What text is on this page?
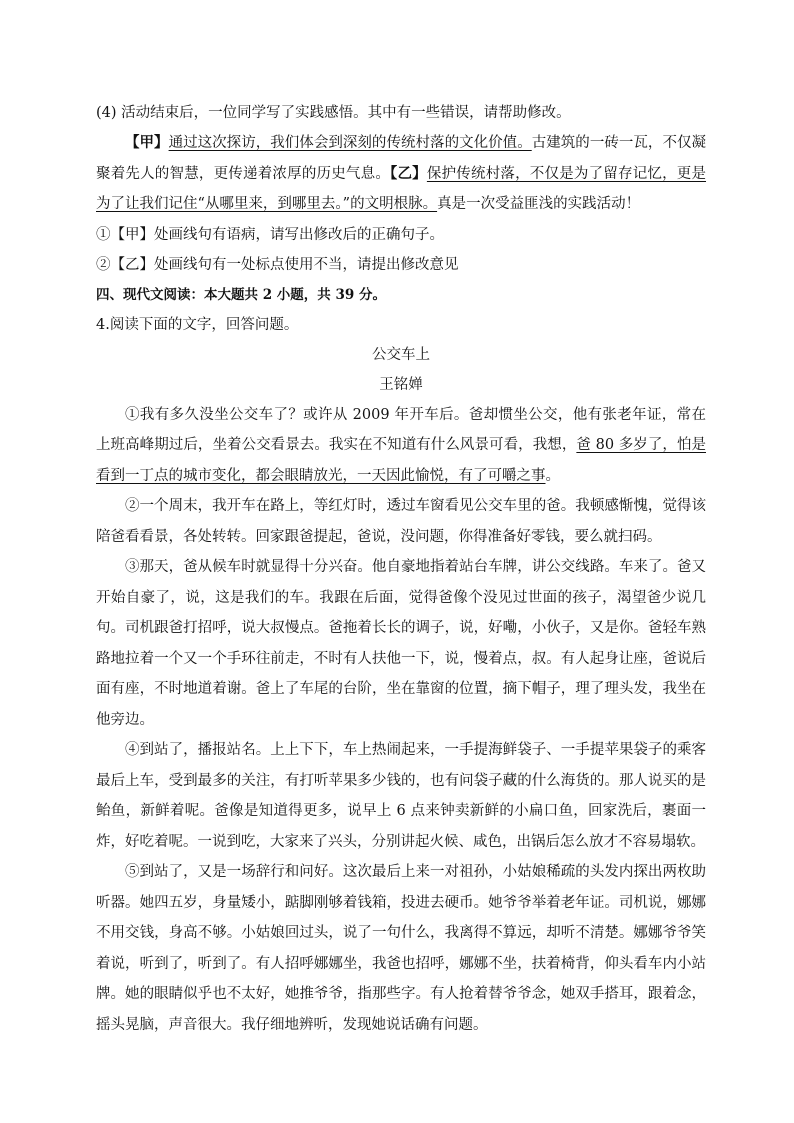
(4) 活动结束后，一位同学写了实践感悟。其中有一些错误，请帮助修改。

【甲】通过这次探访，我们体会到深刻的传统村落的文化价值。古建筑的一砖一瓦，不仅凝聚着先人的智慧，更传递着浓厚的历史气息。【乙】保护传统村落，不仅是为了留存记忆，更是为了让我们记住“从哪里来，到哪里去。”的文明根脉。真是一次受益匪浅的实践活动！

①【甲】处画线句有语病，请写出修改后的正确句子。

②【乙】处画线句有一处标点使用不当，请提出修改意见

四、现代文阅读：本大题共 2 小题，共 39 分。

4.阅读下面的文字，回答问题。

公交车上

王铭婵

①我有多久没坐公交车了？或许从 2009 年开车后。爸却惯坐公交，他有张老年证，常在上班高峰期过后，坐着公交看景去。我实在不知道有什么风景可看，我想，爸 80 多岁了，怕是看到一丁点的城市变化，都会眼睛放光，一天因此愉悦，有了可嚼之事。

②一个周末，我开车在路上，等红灯时，透过车窗看见公交车里的爸。我顿感惭愧，觉得该陪爸看看景，各处转转。回家跟爸提起，爸说，没问题，你得准备好零钱，要么就扫码。

③那天，爸从候车时就显得十分兴奋。他自豪地指着站台车牌，讲公交线路。车来了。爸又开始自豪了，说，这是我们的车。我跟在后面，觉得爸像个没见过世面的孩子，渴望爸少说几句。司机跟爸打招呼，说大叔慢点。爸拖着长长的调子，说，好嘞，小伙子，又是你。爸轻车熟路地拉着一个又一个手环往前走，不时有人扶他一下，说，慢着点，叔。有人起身让座，爸说后面有座，不时地道着谢。爸上了车尾的台阶，坐在靠窗的位置，摘下帽子，理了理头发，我坐在他旁边。

④到站了，播报站名。上上下下，车上热闹起来，一手提海鲜袋子、一手提苹果袋子的乘客最后上车，受到最多的关注，有打听苹果多少钱的，也有问袋子藏的什么海货的。那人说买的是鲐鱼，新鲜着呢。爸像是知道得更多，说早上 6 点来钟卖新鲜的小扁口鱼，回家洗后，裹面一炸，好吃着呢。一说到吃，大家来了兴头，分别讲起火候、咸色，出锅后怎么放才不容易塌软。

⑤到站了，又是一场辞行和问好。这次最后上来一对祖孙，小姑娘稀疏的头发内探出两枚助听器。她四五岁，身量矮小，踮脚刚够着钱箱，投进去硬币。她爷爷举着老年证。司机说，娜娜不用交钱，身高不够。小姑娘回过头，说了一句什么，我离得不算远，却听不清楚。娜娜爷爷笑着说，听到了，听到了。有人招呼娜娜坐，我爸也招呼，娜娜不坐，扶着椅背，仰头看车内小站牌。她的眼睛似乎也不太好，她推爷爷，指那些字。有人抢着替爷爷念，她双手搭耳，跟着念，摇头晃脑，声音很大。我仔细地辨听，发现她说话确有问题。
